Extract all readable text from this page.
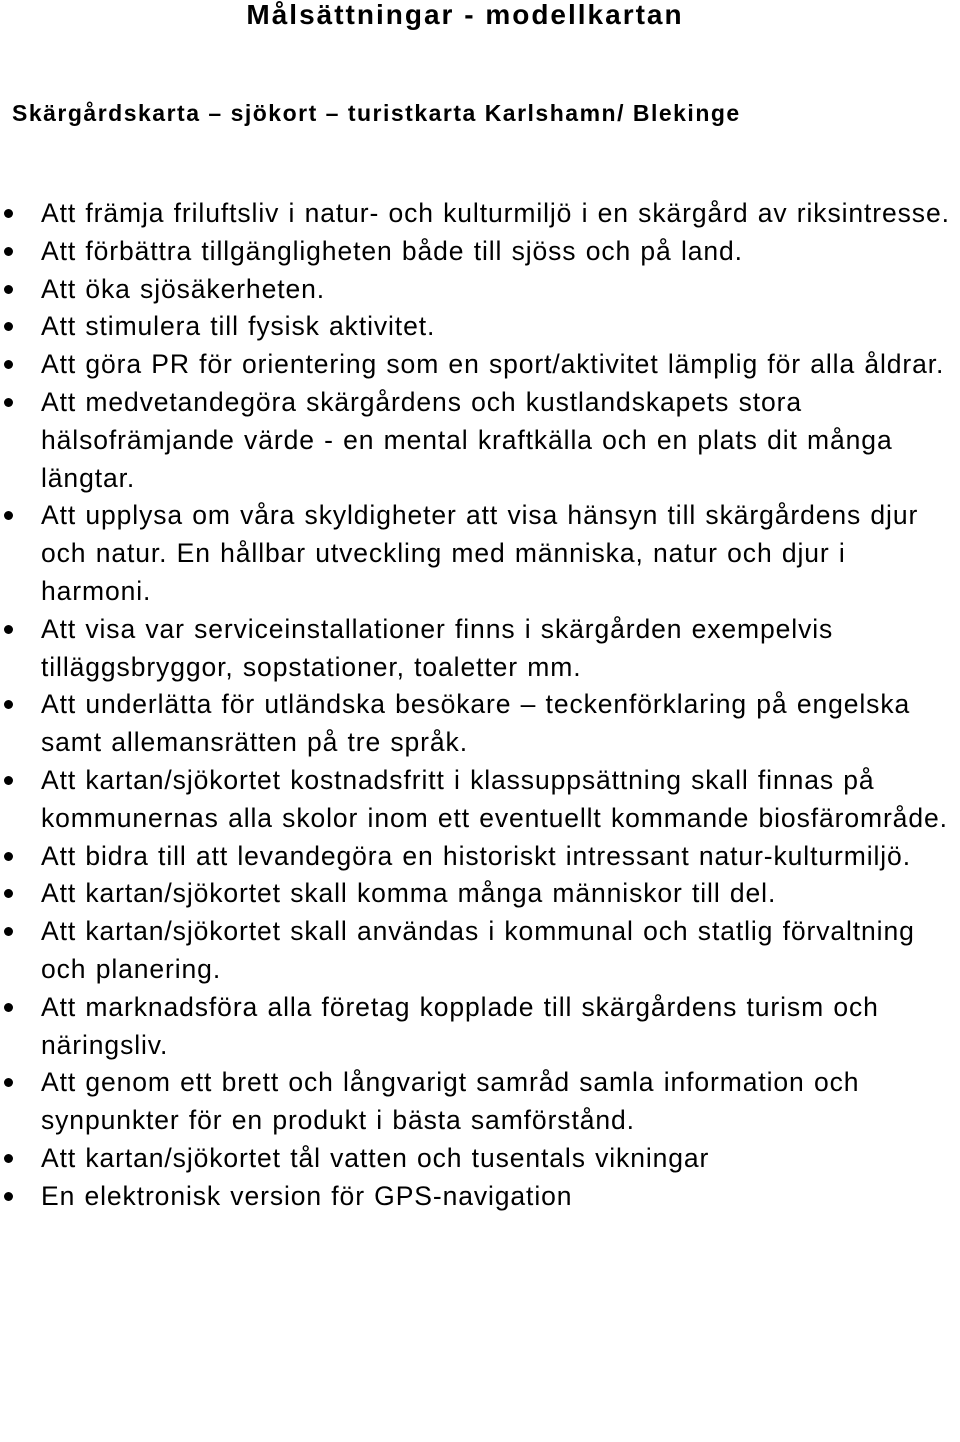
Målsättningar - modellkartan
Skärgårdskarta – sjökort – turistkarta Karlshamn/ Blekinge
Att främja friluftsliv i natur- och kulturmiljö i en skärgård av riksintresse.
Att förbättra tillgängligheten både till sjöss och på land.
Att öka sjösäkerheten.
Att stimulera till fysisk aktivitet.
Att göra PR för orientering som en sport/aktivitet lämplig för alla åldrar.
Att medvetandegöra skärgårdens och kustlandskapets stora hälsofrämjande värde - en mental kraftkälla och en plats dit många längtar.
Att upplysa om våra skyldigheter att visa hänsyn till skärgårdens djur och natur. En hållbar utveckling med människa, natur och djur i harmoni.
Att visa var serviceinstallationer finns i skärgården exempelvis tilläggsbryggor, sopstationer, toaletter mm.
Att underlätta för utländska besökare – teckenförklaring på engelska samt allemansrätten på tre språk.
Att kartan/sjökortet kostnadsfritt i klassuppsättning skall finnas på kommunernas alla skolor inom ett eventuellt kommande biosfärområde.
Att bidra till att levandegöra en historiskt intressant natur-kulturmiljö.
Att kartan/sjökortet skall komma många människor till del.
Att kartan/sjökortet skall användas i kommunal och statlig förvaltning och planering.
Att marknadsföra alla företag kopplade till skärgårdens turism och näringsliv.
Att genom ett brett och långvarigt samråd samla information och synpunkter för en produkt i bästa samförstånd.
Att kartan/sjökortet tål vatten och tusentals vikningar
En elektronisk version för GPS-navigation
